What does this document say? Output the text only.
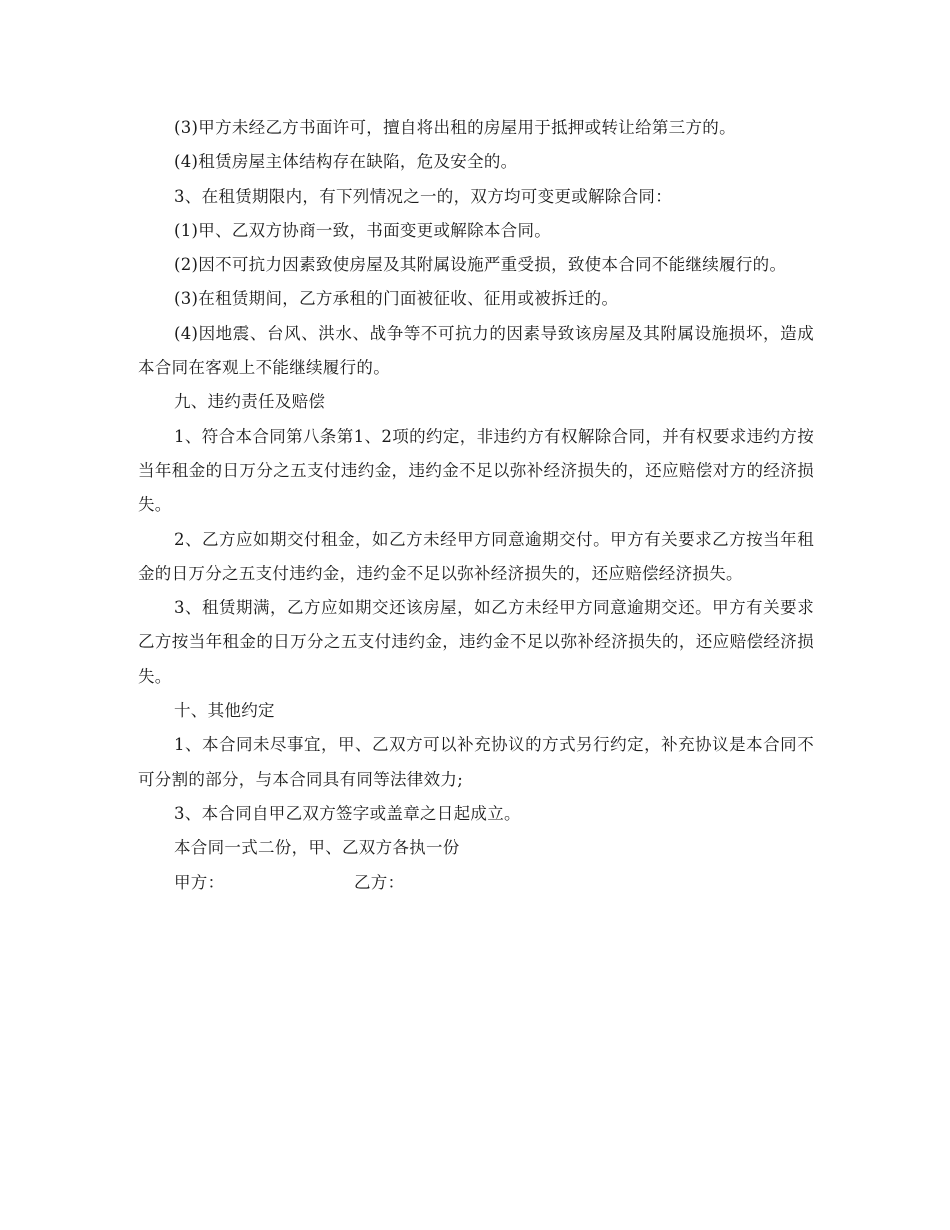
(3)甲方未经乙方书面许可，擅自将出租的房屋用于抵押或转让给第三方的。

(4)租赁房屋主体结构存在缺陷，危及安全的。

3、在租赁期限内，有下列情况之一的，双方均可变更或解除合同：

(1)甲、乙双方协商一致，书面变更或解除本合同。

(2)因不可抗力因素致使房屋及其附属设施严重受损，致使本合同不能继续履行的。

(3)在租赁期间，乙方承租的门面被征收、征用或被拆迁的。

(4)因地震、台风、洪水、战争等不可抗力的因素导致该房屋及其附属设施损坏，造成本合同在客观上不能继续履行的。

九、违约责任及赔偿

1、符合本合同第八条第1、2项的约定，非违约方有权解除合同，并有权要求违约方按当年租金的日万分之五支付违约金，违约金不足以弥补经济损失的，还应赔偿对方的经济损失。

2、乙方应如期交付租金，如乙方未经甲方同意逾期交付。甲方有关要求乙方按当年租金的日万分之五支付违约金，违约金不足以弥补经济损失的，还应赔偿经济损失。

3、租赁期满，乙方应如期交还该房屋，如乙方未经甲方同意逾期交还。甲方有关要求乙方按当年租金的日万分之五支付违约金，违约金不足以弥补经济损失的，还应赔偿经济损失。

十、其他约定

1、本合同未尽事宜，甲、乙双方可以补充协议的方式另行约定，补充协议是本合同不可分割的部分，与本合同具有同等法律效力;

3、本合同自甲乙双方签字或盖章之日起成立。

本合同一式二份，甲、乙双方各执一份

甲方：	乙方：
